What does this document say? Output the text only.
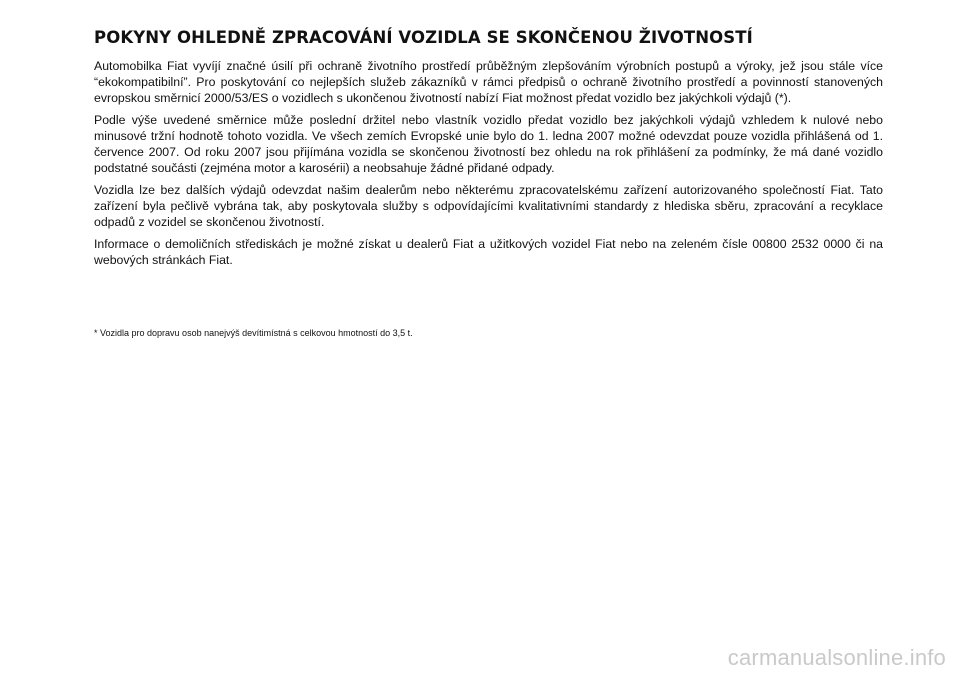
POKYNY OHLEDNĚ ZPRACOVÁNÍ VOZIDLA SE SKONČENOU ŽIVOTNOSTÍ

Automobilka Fiat vyvíjí značné úsilí při ochraně životního prostředí průběžným zlepšováním výrobních postupů a výroky, jež jsou stále více “ekokompatibilní”. Pro poskytování co nejlepších služeb zákazníků v rámci předpisů o ochraně životního prostředí a povinností stanovených evropskou směrnicí 2000/53/ES o vozidlech s ukončenou životností nabízí Fiat možnost předat vozidlo bez jakýchkoli výdajů (*).

Podle výše uvedené směrnice může poslední držitel nebo vlastník vozidlo předat vozidlo bez jakýchkoli výdajů vzhledem k nulové nebo minusové tržní hodnotě tohoto vozidla. Ve všech zemích Evropské unie bylo do 1. ledna 2007 možné odevzdat pouze vozidla přihlášená od 1. července 2007. Od roku 2007 jsou přijímána vozidla se skončenou životností bez ohledu na rok přihlášení za podmínky, že má dané vozidlo podstatné součásti (zejména motor a karosérii) a neobsahuje žádné přidané odpady.

Vozidla lze bez dalších výdajů odevzdat našim dealerům nebo některému zpracovatelskému zařízení autorizovaného společností Fiat. Tato zařízení byla pečlivě vybrána tak, aby poskytovala služby s odpovídajícími kvalitativními standardy z hlediska sběru, zpracování a recyklace odpadů z vozidel se skončenou životností.

Informace o demoličních střediskách je možné získat u dealerů Fiat a užitkových vozidel Fiat nebo na zeleném čísle 00800 2532 0000 či na webových stránkách Fiat.

* Vozidla pro dopravu osob nanejvýš devítimístná s celkovou hmotností do 3,5 t.

carmanualsonline.info
